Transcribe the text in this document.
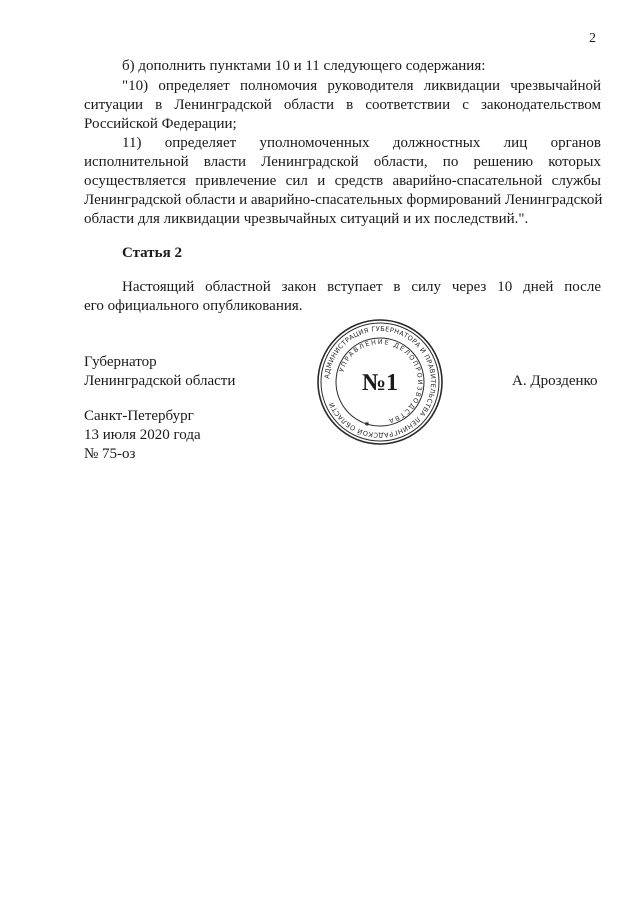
2
б) дополнить пунктами 10 и 11 следующего содержания:
"10) определяет полномочия руководителя ликвидации чрезвычайной
ситуации в Ленинградской области в соответствии с законодательством
Российской Федерации;
11) определяет уполномоченных должностных лиц органов
исполнительной власти Ленинградской области, по решению которых
осуществляется привлечение сил и средств аварийно-спасательной службы
Ленинградской области и аварийно-спасательных формирований Ленинградской
области для ликвидации чрезвычайных ситуаций и их последствий.".
Статья 2
Настоящий областной закон вступает в силу через 10 дней после
его официального опубликования.
Губернатор
Ленинградской области	А. Дрозденко
АДМИНИСТРАЦИЯ ГУБЕРНАТОРА И ПРАВИТЕЛЬСТВА ЛЕНИНГРАДСКОЙ ОБЛАСТИ
УПРАВЛЕНИЕ ДЕЛОПРОИЗВОДСТВА
№1
✱
Санкт-Петербург
13 июля 2020 года
№ 75-оз
